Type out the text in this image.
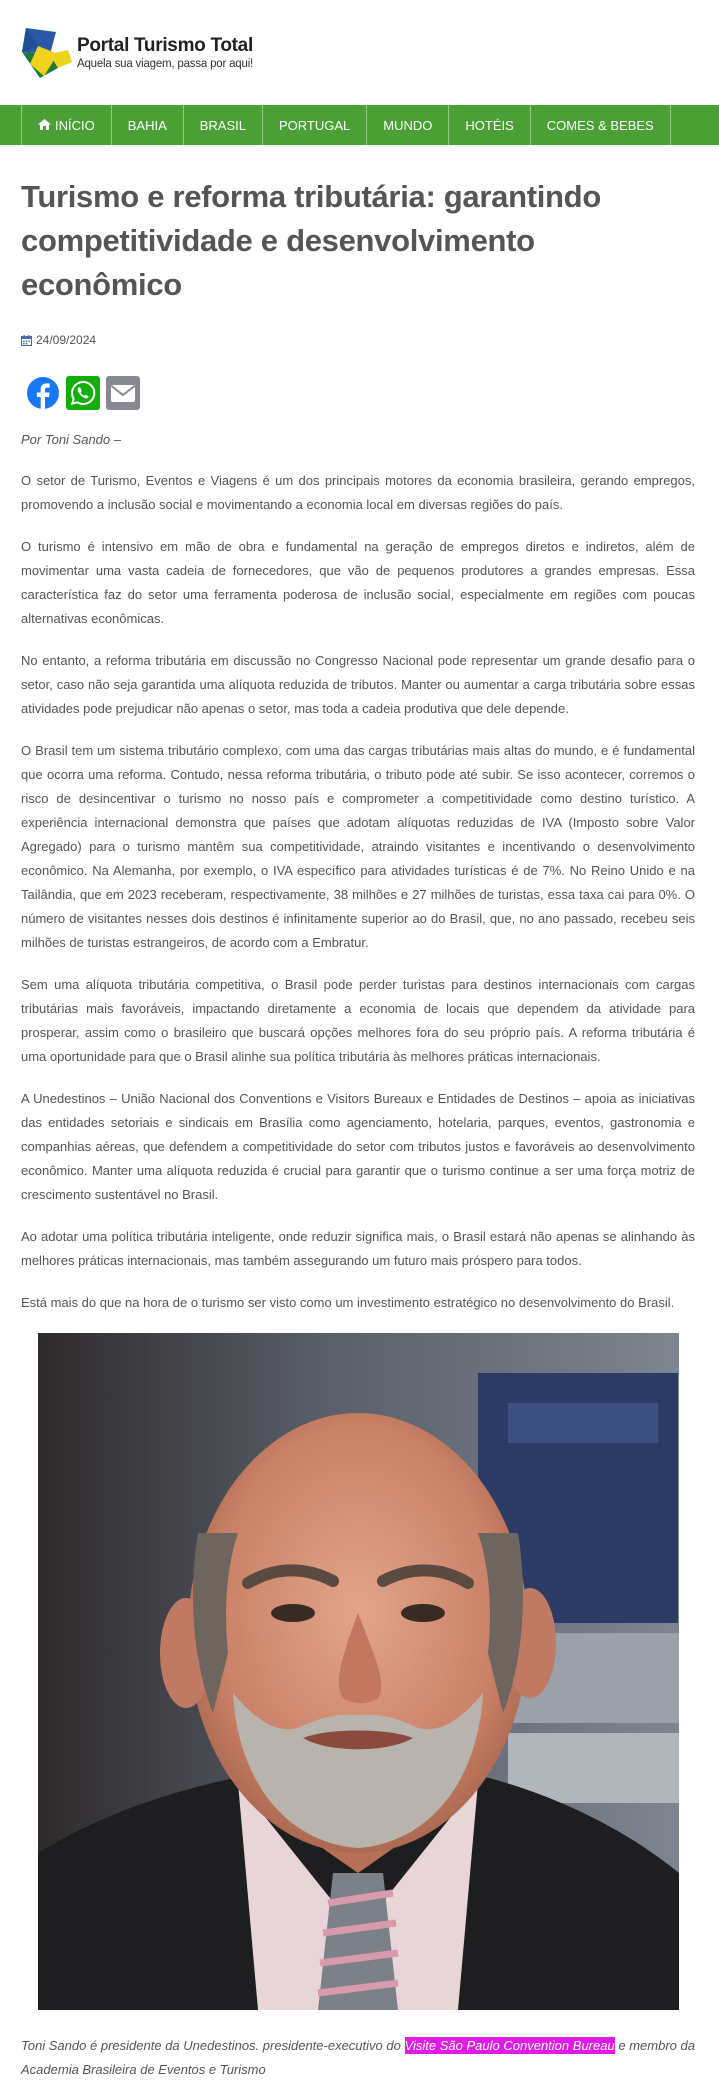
Portal Turismo Total
Aquela sua viagem, passa por aqui!
INÍCIO	BAHIA	BRASIL	PORTUGAL	MUNDO	HOTÉIS	COMES & BEBES
Turismo e reforma tributária: garantindo competitividade e desenvolvimento econômico
24/09/2024

Por Toni Sando –

O setor de Turismo, Eventos e Viagens é um dos principais motores da economia brasileira, gerando empregos, promovendo a inclusão social e movimentando a economia local em diversas regiões do país.

O turismo é intensivo em mão de obra e fundamental na geração de empregos diretos e indiretos, além de movimentar uma vasta cadeia de fornecedores, que vão de pequenos produtores a grandes empresas. Essa característica faz do setor uma ferramenta poderosa de inclusão social, especialmente em regiões com poucas alternativas econômicas.

No entanto, a reforma tributária em discussão no Congresso Nacional pode representar um grande desafio para o setor, caso não seja garantida uma alíquota reduzida de tributos. Manter ou aumentar a carga tributária sobre essas atividades pode prejudicar não apenas o setor, mas toda a cadeia produtiva que dele depende.

O Brasil tem um sistema tributário complexo, com uma das cargas tributárias mais altas do mundo, e é fundamental que ocorra uma reforma. Contudo, nessa reforma tributária, o tributo pode até subir. Se isso acontecer, corremos o risco de desincentivar o turismo no nosso país e comprometer a competitividade como destino turístico. A experiência internacional demonstra que países que adotam alíquotas reduzidas de IVA (Imposto sobre Valor Agregado) para o turismo mantêm sua competitividade, atraindo visitantes e incentivando o desenvolvimento econômico. Na Alemanha, por exemplo, o IVA específico para atividades turísticas é de 7%. No Reino Unido e na Tailândia, que em 2023 receberam, respectivamente, 38 milhões e 27 milhões de turistas, essa taxa cai para 0%. O número de visitantes nesses dois destinos é infinitamente superior ao do Brasil, que, no ano passado, recebeu seis milhões de turistas estrangeiros, de acordo com a Embratur.

Sem uma alíquota tributária competitiva, o Brasil pode perder turistas para destinos internacionais com cargas tributárias mais favoráveis, impactando diretamente a economia de locais que dependem da atividade para prosperar, assim como o brasileiro que buscará opções melhores fora do seu próprio país. A reforma tributária é uma oportunidade para que o Brasil alinhe sua política tributária às melhores práticas internacionais.

A Unedestinos – União Nacional dos Conventions e Visitors Bureaux e Entidades de Destinos – apoia as iniciativas das entidades setoriais e sindicais em Brasília como agenciamento, hotelaria, parques, eventos, gastronomia e companhias aéreas, que defendem a competitividade do setor com tributos justos e favoráveis ao desenvolvimento econômico. Manter uma alíquota reduzida é crucial para garantir que o turismo continue a ser uma força motriz de crescimento sustentável no Brasil.

Ao adotar uma política tributária inteligente, onde reduzir significa mais, o Brasil estará não apenas se alinhando às melhores práticas internacionais, mas também assegurando um futuro mais próspero para todos.

Está mais do que na hora de o turismo ser visto como um investimento estratégico no desenvolvimento do Brasil.

Toni Sando é presidente da Unedestinos. presidente-executivo do Visite São Paulo Convention Bureau e membro da Academia Brasileira de Eventos e Turismo
